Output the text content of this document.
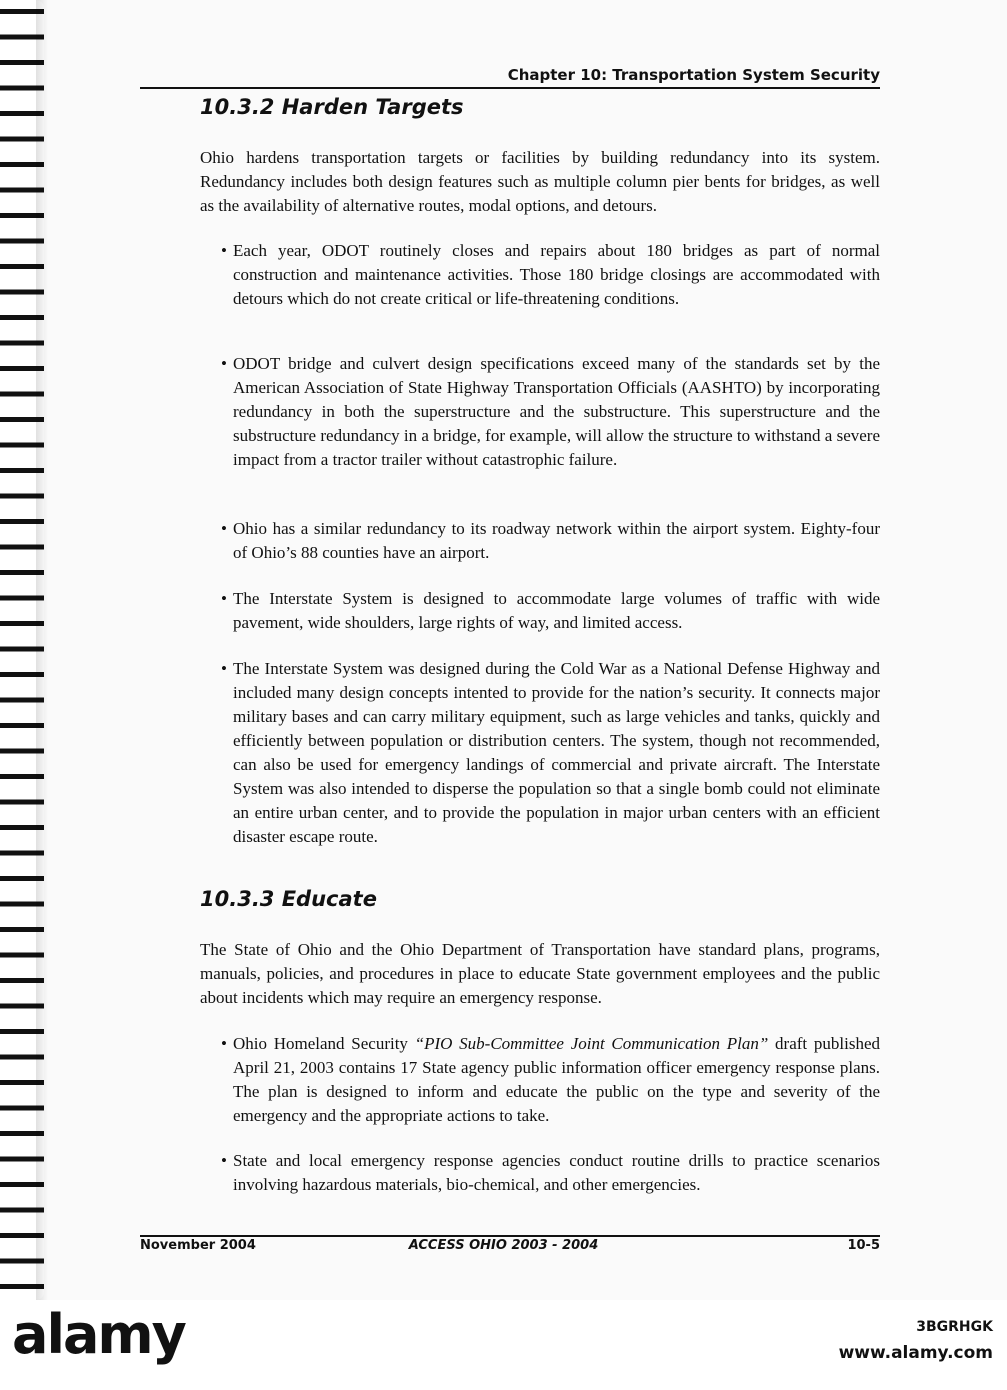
Chapter 10: Transportation System Security
10.3.2 Harden Targets

Ohio hardens transportation targets or facilities by building redundancy into its system. Redundancy includes both design features such as multiple column pier bents for bridges, as well as the availability of alternative routes, modal options, and detours.

• Each year, ODOT routinely closes and repairs about 180 bridges as part of normal construction and maintenance activities. Those 180 bridge closings are accommodated with detours which do not create critical or life-threatening conditions.
• ODOT bridge and culvert design specifications exceed many of the standards set by the American Association of State Highway Transportation Officials (AASHTO) by incorporating redundancy in both the superstructure and the substructure. This superstructure and the substructure redundancy in a bridge, for example, will allow the structure to withstand a severe impact from a tractor trailer without catastrophic failure.
• Ohio has a similar redundancy to its roadway network within the airport system. Eighty-four of Ohio’s 88 counties have an airport.
• The Interstate System is designed to accommodate large volumes of traffic with wide pavement, wide shoulders, large rights of way, and limited access.
• The Interstate System was designed during the Cold War as a National Defense Highway and included many design concepts intented to provide for the nation’s security. It connects major military bases and can carry military equipment, such as large vehicles and tanks, quickly and efficiently between population or distribution centers. The system, though not recommended, can also be used for emergency landings of commercial and private aircraft. The Interstate System was also intended to disperse the population so that a single bomb could not eliminate an entire urban center, and to provide the population in major urban centers with an efficient disaster escape route.
10.3.3 Educate

The State of Ohio and the Ohio Department of Transportation have standard plans, programs, manuals, policies, and procedures in place to educate State government employees and the public about incidents which may require an emergency response.

• Ohio Homeland Security “PIO Sub-Committee Joint Communication Plan” draft published April 21, 2003 contains 17 State agency public information officer emergency response plans. The plan is designed to inform and educate the public on the type and severity of the emergency and the appropriate actions to take.
• State and local emergency response agencies conduct routine drills to practice scenarios involving hazardous materials, bio-chemical, and other emergencies.
November 2004	ACCESS OHIO 2003 - 2004	10-5
alamy	3BGRHGK
www.alamy.com
